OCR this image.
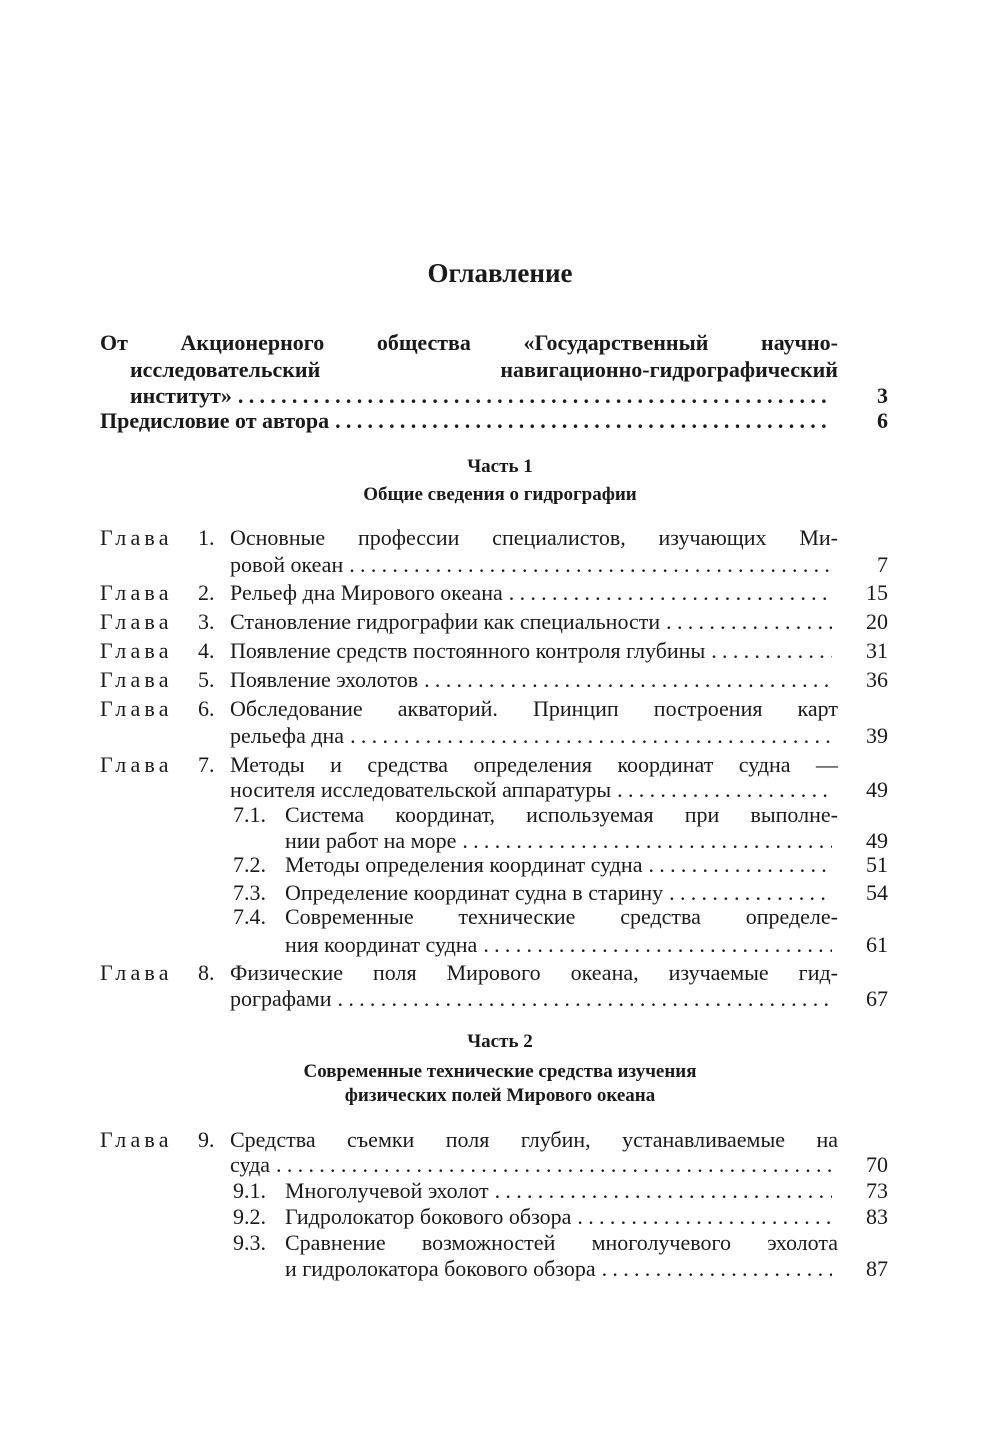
Оглавление
От Акционерного общества «Государственный научно-
исследовательский навигационно-гидрографический
институт» .....	3
Предисловие от автора .....	6
Часть 1
Общие сведения о гидрографии
Глава	1. Основные профессии специалистов, изучающих Ми-
ровой океан .....	7
Глава	2. Рельеф дна Мирового океана .....	15
Глава	3. Становление гидрографии как специальности .....	20
Глава	4. Появление средств постоянного контроля глубины .....	31
Глава	5. Появление эхолотов .....	36
Глава	6. Обследование акваторий. Принцип построения карт
рельефа дна .....	39
Глава	7. Методы и средства определения координат судна —
носителя исследовательской аппаратуры .....	49
7.1. Система координат, используемая при выполне-
нии работ на море .....	49
7.2. Методы определения координат судна .....	51
7.3. Определение координат судна в старину .....	54
7.4. Современные технические средства определе-
ния координат судна .....	61
Глава	8. Физические поля Мирового океана, изучаемые гид-
рографами .....	67
Глава	9. Средства съемки поля глубин, устанавливаемые на
суда .....	70
9.1. Многолучевой эхолот .....	73
9.2. Гидролокатор бокового обзора .....	83
9.3. Сравнение возможностей многолучевого эхолота
и гидролокатора бокового обзора .....	87
Часть 2
Современные технические средства изучения
физических полей Мирового океана
